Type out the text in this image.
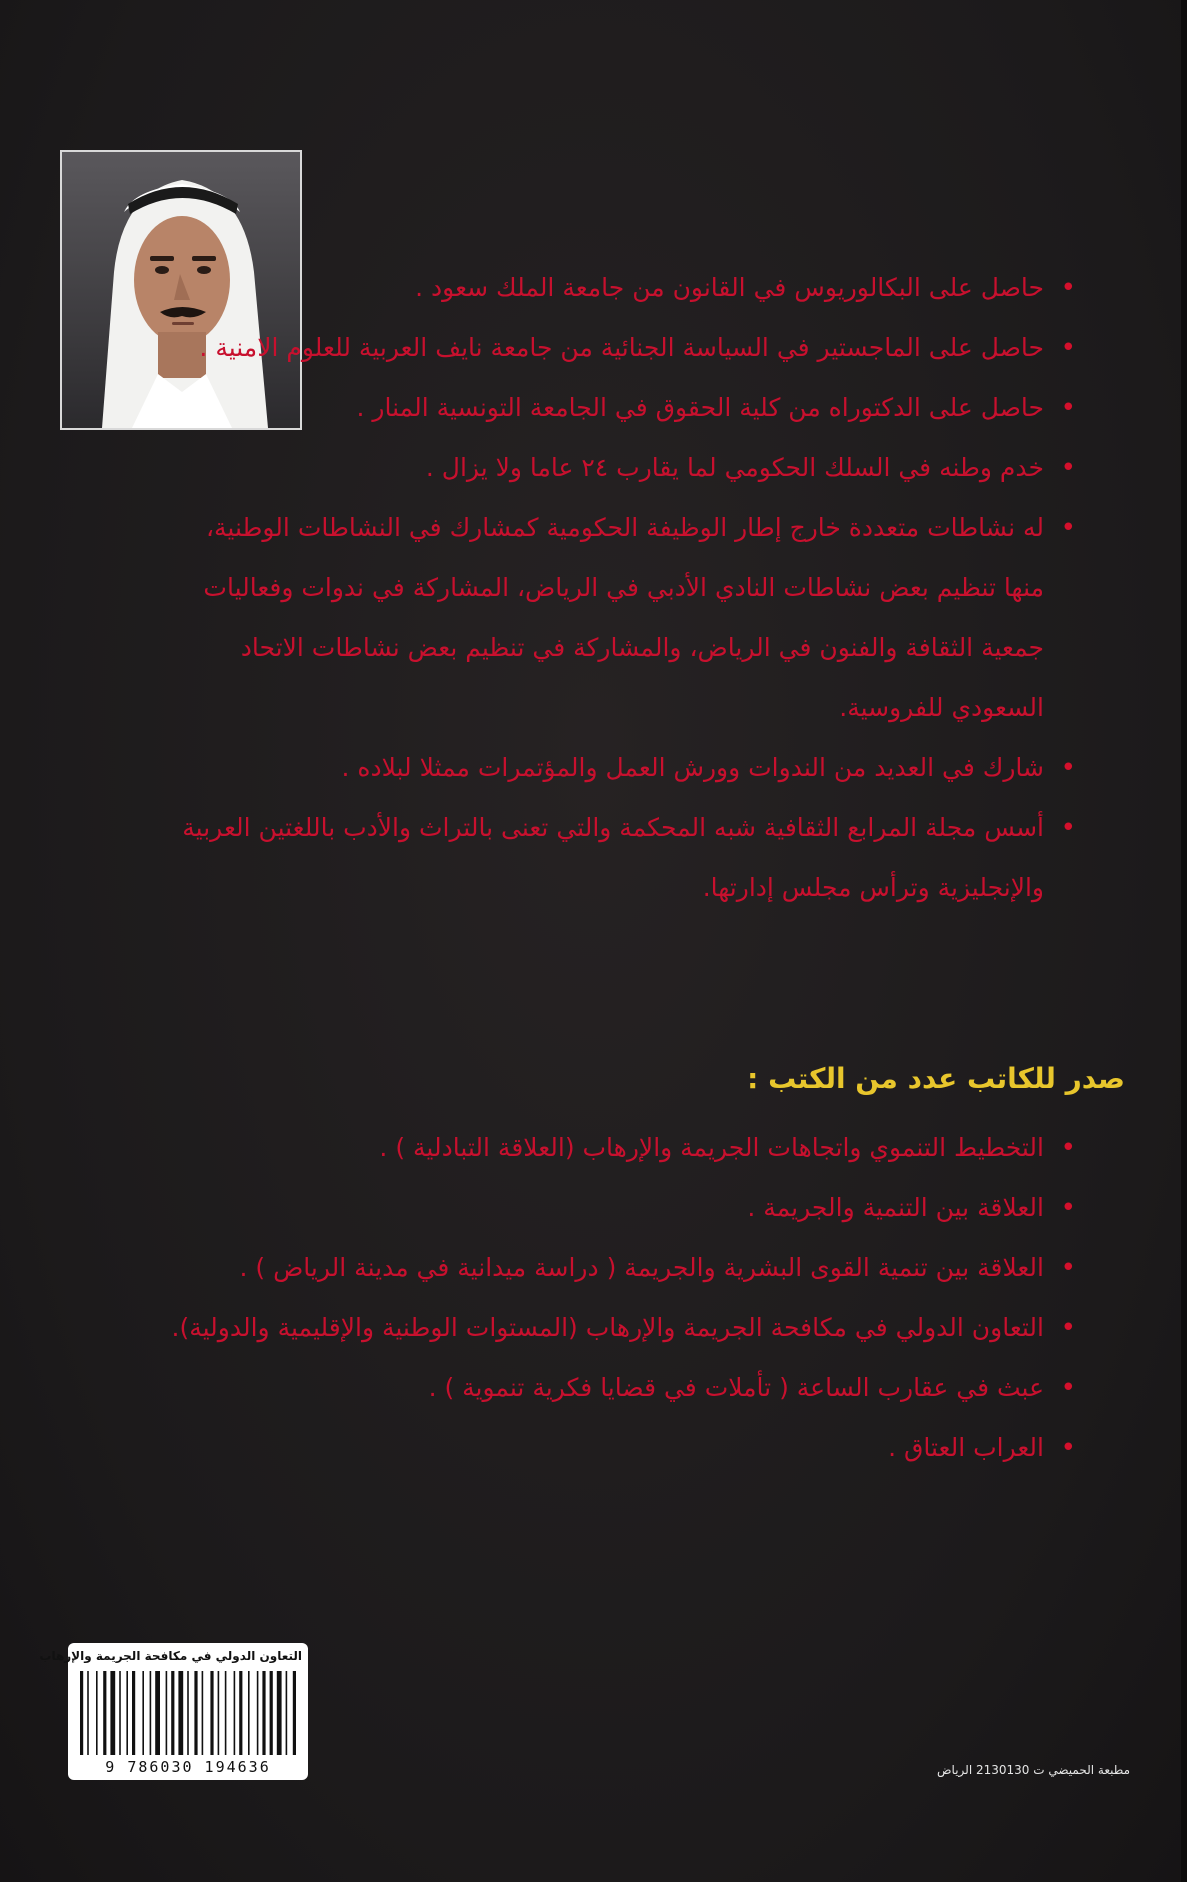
•
حاصل على البكالوريوس في القانون من جامعة الملك سعود .
•
حاصل على الماجستير في السياسة الجنائية من جامعة نايف العربية للعلوم الامنية .
•
حاصل على الدكتوراه من كلية الحقوق في الجامعة التونسية المنار .
•
خدم وطنه في السلك الحكومي لما يقارب ٢٤ عاما ولا يزال .
•
له نشاطات متعددة خارج إطار الوظيفة الحكومية كمشارك في النشاطات الوطنية، منها تنظيم بعض نشاطات النادي الأدبي في الرياض، المشاركة في ندوات وفعاليات جمعية الثقافة والفنون في الرياض، والمشاركة في تنظيم بعض نشاطات الاتحاد السعودي للفروسية.
•
شارك في العديد من الندوات وورش العمل والمؤتمرات ممثلا لبلاده .
•
أسس مجلة المرابع الثقافية شبه المحكمة والتي تعنى بالتراث والأدب باللغتين العربية والإنجليزية وترأس مجلس إدارتها.
صدر للكاتب عدد من الكتب :
•
التخطيط التنموي واتجاهات الجريمة والإرهاب (العلاقة التبادلية ) .
•
العلاقة بين التنمية والجريمة .
•
العلاقة بين تنمية القوى البشرية والجريمة ( دراسة ميدانية في مدينة الرياض ) .
•
التعاون الدولي في مكافحة الجريمة والإرهاب (المستوات الوطنية والإقليمية والدولية).
•
عبث في عقارب الساعة ( تأملات في قضايا فكرية تنموية ) .
•
العراب العتاق .
التعاون الدولي في مكافحة الجريمة والإرهاب
9 786030 194636	مطبعة الحميضي ت 2130130 الرياض
